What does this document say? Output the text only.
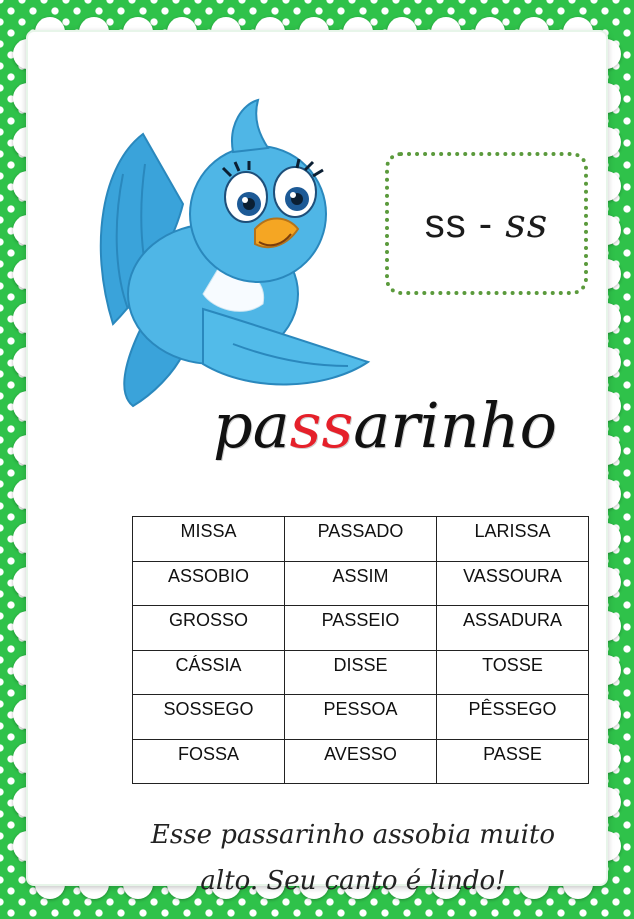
ss - ss
passarinho
MISSA	PASSADO	LARISSA
ASSOBIO	ASSIM	VASSOURA
GROSSO	PASSEIO	ASSADURA
CÁSSIA	DISSE	TOSSE
SOSSEGO	PESSOA	PÊSSEGO
FOSSA	AVESSO	PASSE
Esse passarinho assobia muito
alto. Seu canto é lindo!
